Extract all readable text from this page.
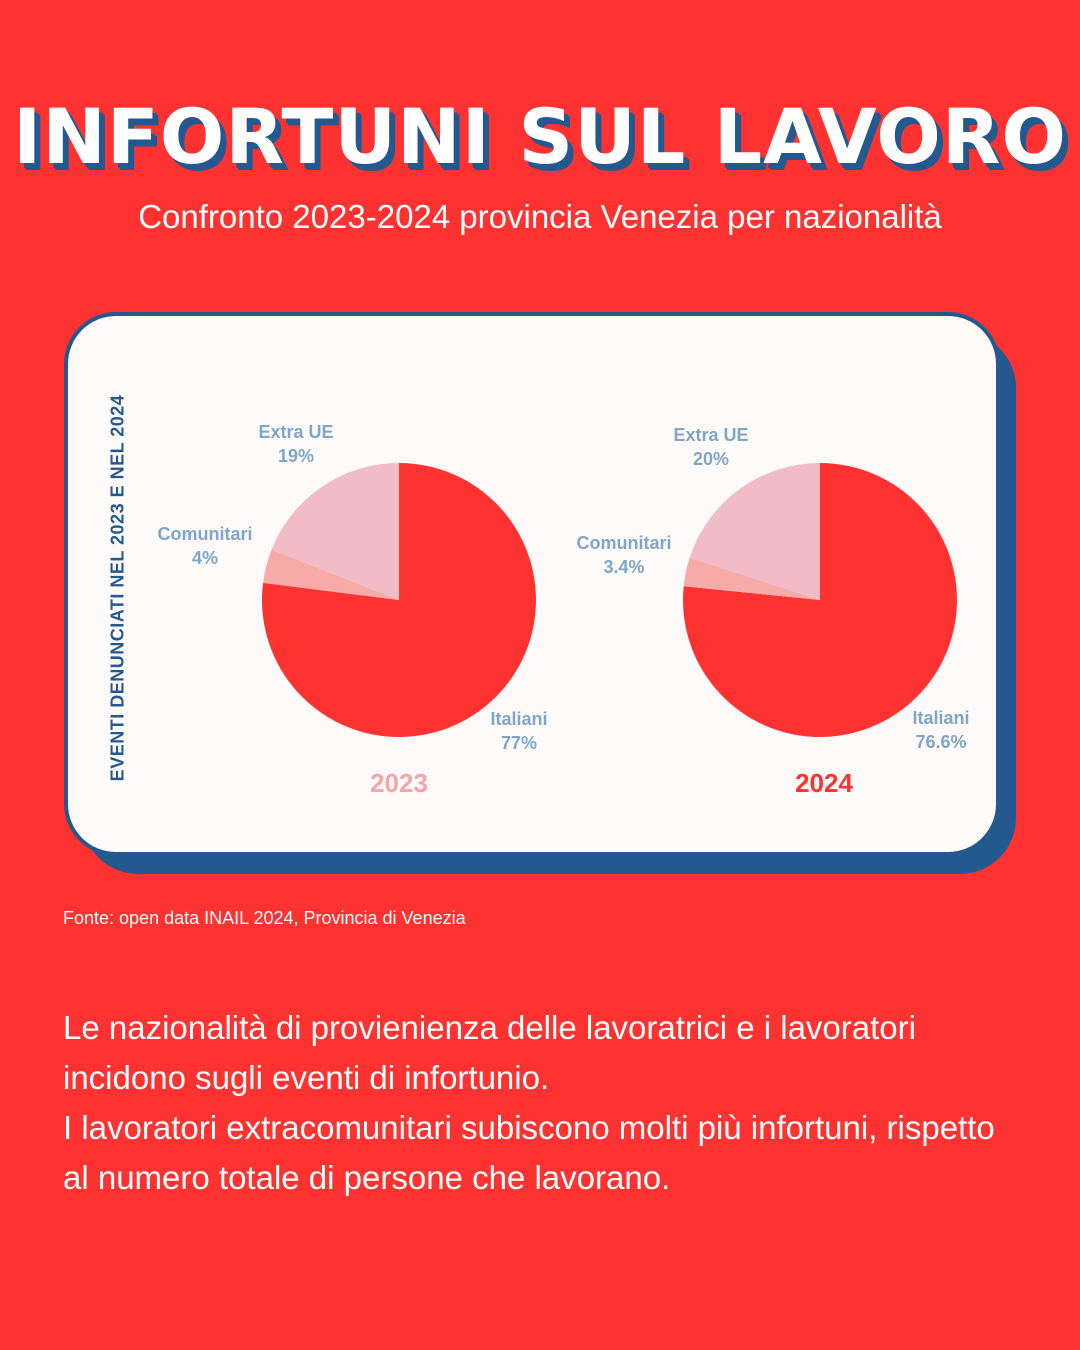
INFORTUNI SUL LAVORO
Confronto 2023-2024 provincia Venezia per nazionalità
EVENTI DENUNCIATI NEL 2023 E NEL 2024	Italiani
77%
Comunitari
4%
Extra UE
19%
2023
Italiani
76.6%
Comunitari
3.4%
Extra UE
20%
2024
Fonte: open data INAIL 2024, Provincia di Venezia

Le nazionalità di provienienza delle lavoratrici e i lavoratori incidono sugli eventi di infortunio.

I lavoratori extracomunitari subiscono molti più infortuni, rispetto al numero totale di persone che lavorano.
